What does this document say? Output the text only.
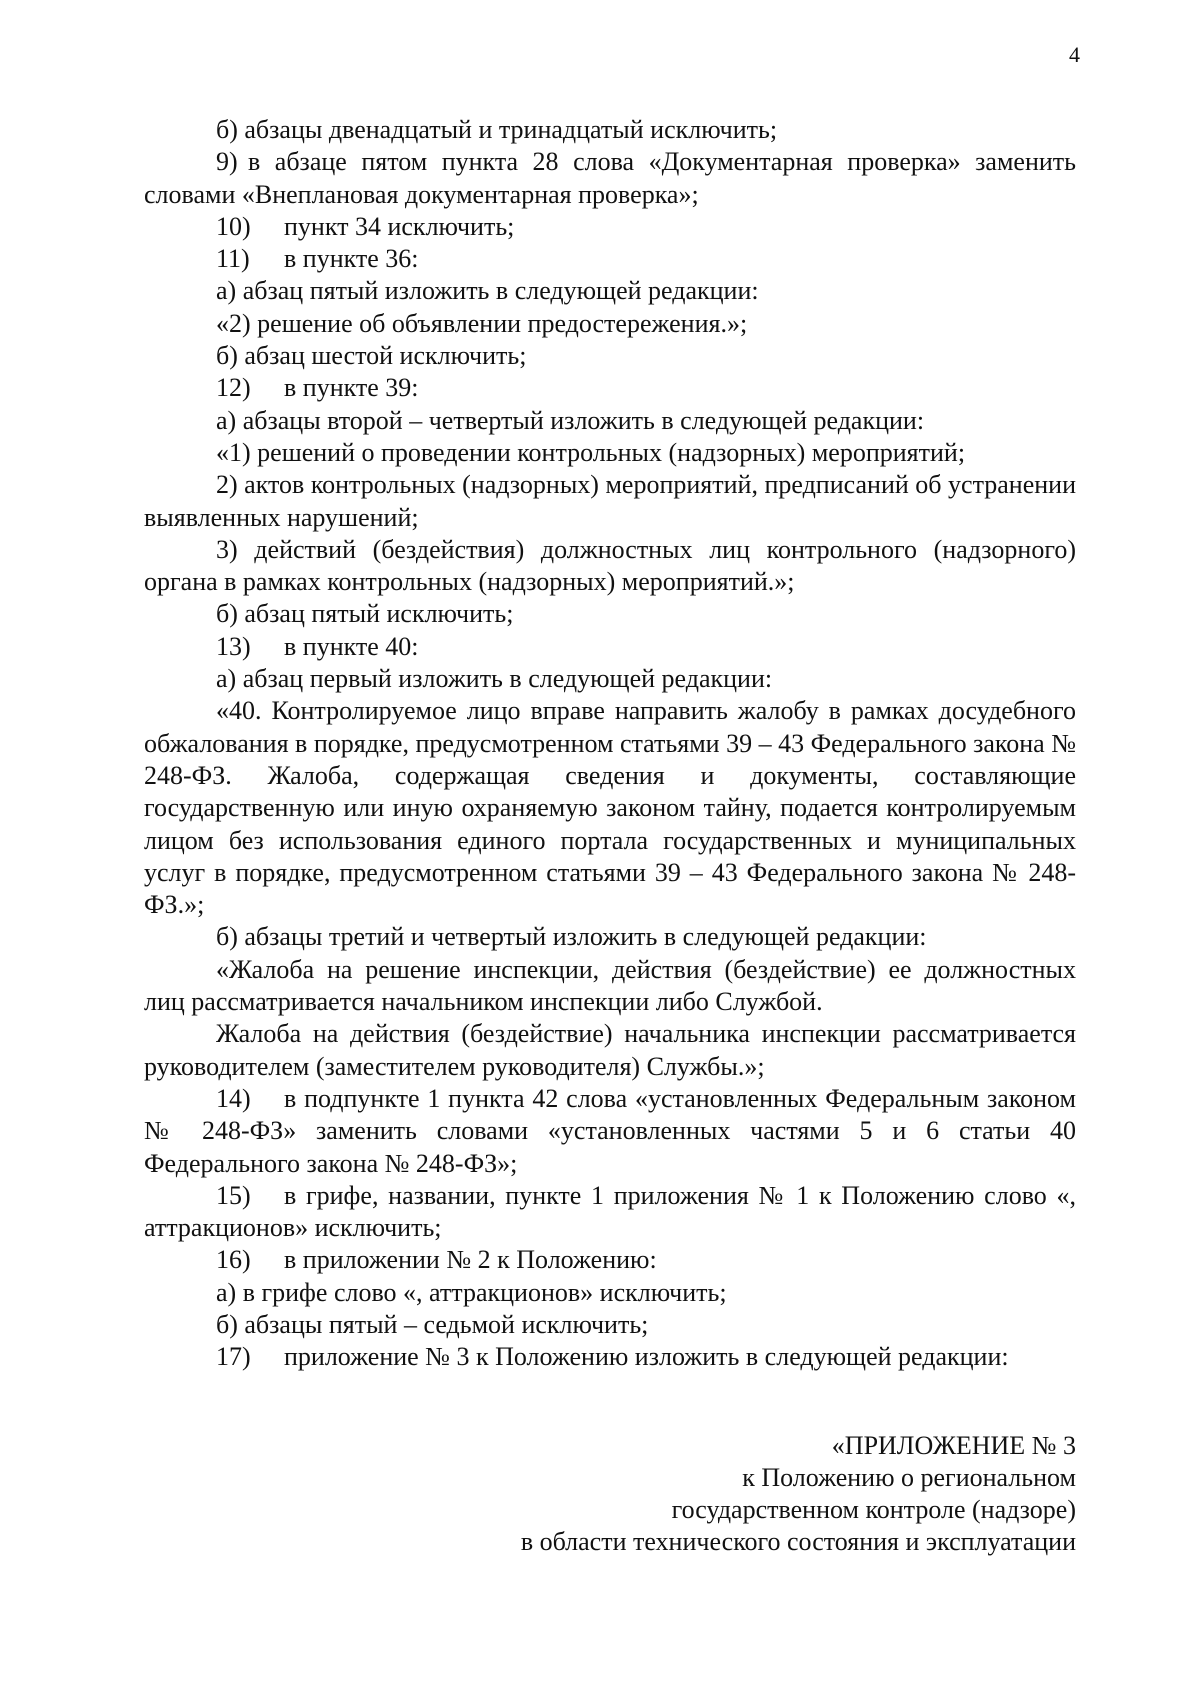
4

б) абзацы двенадцатый и тринадцатый исключить;

9) в абзаце пятом пункта 28 слова «Документарная проверка» заменить словами «Внеплановая документарная проверка»;

10) пункт 34 исключить;

11) в пункте 36:

а) абзац пятый изложить в следующей редакции:

«2) решение об объявлении предостережения.»;

б) абзац шестой исключить;

12) в пункте 39:

а) абзацы второй – четвертый изложить в следующей редакции:

«1) решений о проведении контрольных (надзорных) мероприятий;

2) актов контрольных (надзорных) мероприятий, предписаний об устранении выявленных нарушений;

3) действий (бездействия) должностных лиц контрольного (надзорного) органа в рамках контрольных (надзорных) мероприятий.»;

б) абзац пятый исключить;

13) в пункте 40:

а) абзац первый изложить в следующей редакции:

«40. Контролируемое лицо вправе направить жалобу в рамках досудебного обжалования в порядке, предусмотренном статьями 39 – 43 Федерального закона № 248-ФЗ. Жалоба, содержащая сведения и документы, составляющие государственную или иную охраняемую законом тайну, подается контролируемым лицом без использования единого портала государственных и муниципальных услуг в порядке, предусмотренном статьями 39 – 43 Федерального закона № 248-ФЗ.»;

б) абзацы третий и четвертый изложить в следующей редакции:

«Жалоба на решение инспекции, действия (бездействие) ее должностных лиц рассматривается начальником инспекции либо Службой.

Жалоба на действия (бездействие) начальника инспекции рассматривается руководителем (заместителем руководителя) Службы.»;

14) в подпункте 1 пункта 42 слова «установленных Федеральным законом № 248-ФЗ» заменить словами «установленных частями 5 и 6 статьи 40 Федерального закона № 248-ФЗ»;

15) в грифе, названии, пункте 1 приложения № 1 к Положению слово «, аттракционов» исключить;

16) в приложении № 2 к Положению:

а) в грифе слово «, аттракционов» исключить;

б) абзацы пятый – седьмой исключить;

17) приложение № 3 к Положению изложить в следующей редакции:

«ПРИЛОЖЕНИЕ № 3

к Положению о региональном

государственном контроле (надзоре)

в области технического состояния и эксплуатации
